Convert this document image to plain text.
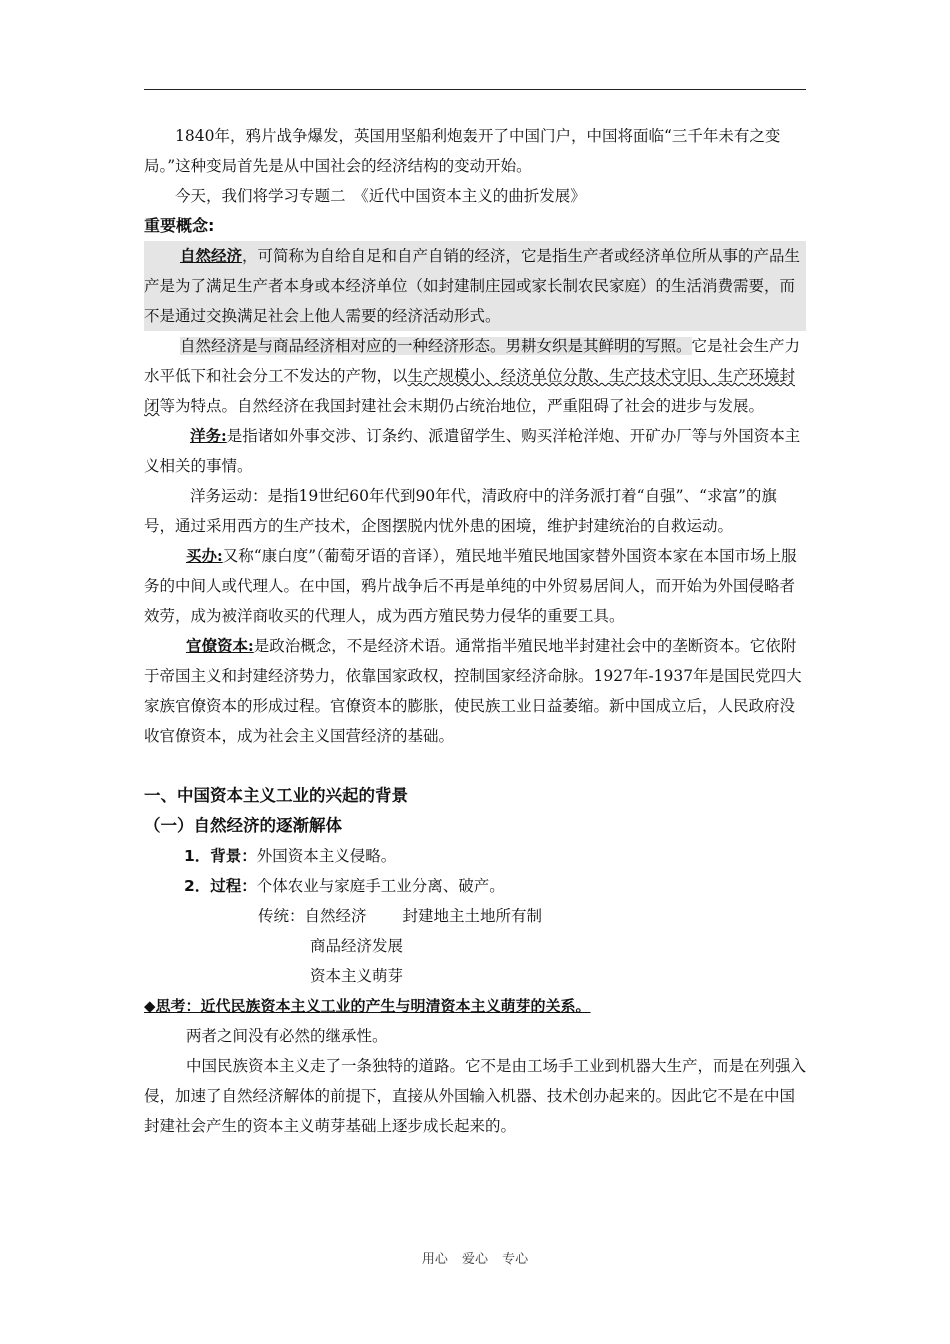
1840年，鸦片战争爆发，英国用坚船利炮轰开了中国门户，中国将面临“三千年未有之变局。”这种变局首先是从中国社会的经济结构的变动开始。

今天，我们将学习专题二　《近代中国资本主义的曲折发展》

重要概念:

自然经济，可简称为自给自足和自产自销的经济，它是指生产者或经济单位所从事的产品生产是为了满足生产者本身或本经济单位（如封建制庄园或家长制农民家庭）的生活消费需要，而不是通过交换满足社会上他人需要的经济活动形式。

自然经济是与商品经济相对应的一种经济形态。男耕女织是其鲜明的写照。它是社会生产力水平低下和社会分工不发达的产物，以生产规模小、经济单位分散、生产技术守旧、生产环境封闭等为特点。自然经济在我国封建社会末期仍占统治地位，严重阻碍了社会的进步与发展。

洋务:是指诸如外事交涉、订条约、派遣留学生、购买洋枪洋炮、开矿办厂等与外国资本主义相关的事情。

洋务运动：是指19世纪60年代到90年代，清政府中的洋务派打着“自强”、“求富”的旗号，通过采用西方的生产技术，企图摆脱内忧外患的困境，维护封建统治的自救运动。

买办:又称“康白度”（葡萄牙语的音译），殖民地半殖民地国家替外国资本家在本国市场上服务的中间人或代理人。在中国，鸦片战争后不再是单纯的中外贸易居间人，而开始为外国侵略者效劳，成为被洋商收买的代理人，成为西方殖民势力侵华的重要工具。

官僚资本:是政治概念，不是经济术语。通常指半殖民地半封建社会中的垄断资本。它依附于帝国主义和封建经济势力，依靠国家政权，控制国家经济命脉。1927年-1937年是国民党四大家族官僚资本的形成过程。官僚资本的膨胀，使民族工业日益萎缩。新中国成立后，人民政府没收官僚资本，成为社会主义国营经济的基础。

一、中国资本主义工业的兴起的背景

（一）自然经济的逐渐解体

1．背景：外国资本主义侵略。

2．过程：个体农业与家庭手工业分离、破产。

传统：自然经济 封建地主土地所有制

商品经济发展

资本主义萌芽

◆思考：近代民族资本主义工业的产生与明清资本主义萌芽的关系。

两者之间没有必然的继承性。

中国民族资本主义走了一条独特的道路。它不是由工场手工业到机器大生产，而是在列强入侵，加速了自然经济解体的前提下，直接从外国输入机器、技术创办起来的。因此它不是在中国封建社会产生的资本主义萌芽基础上逐步成长起来的。

用心 爱心 专心
